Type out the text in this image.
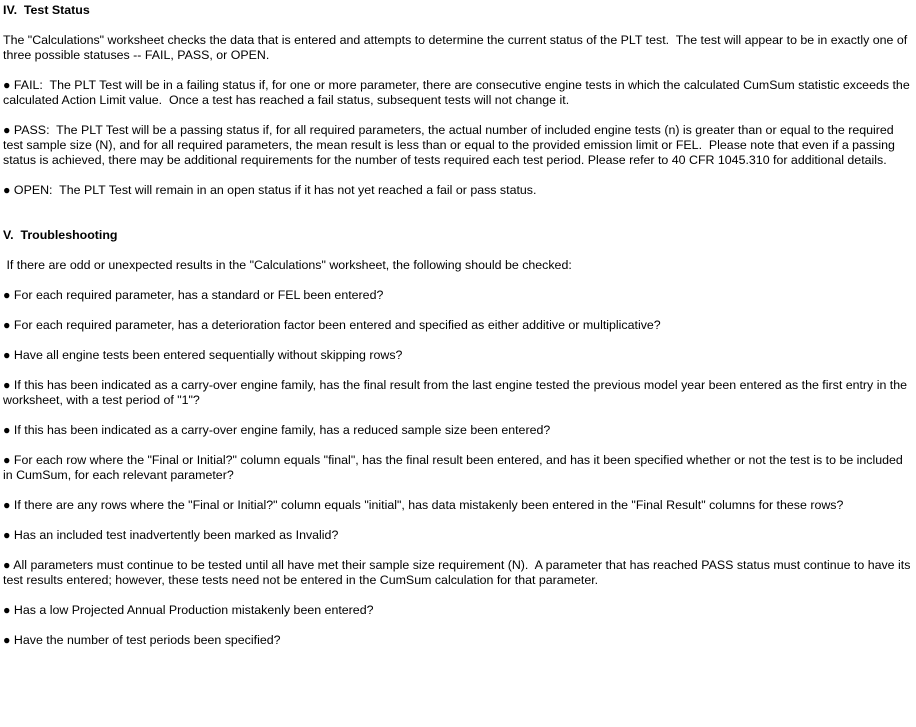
IV.  Test Status
The "Calculations" worksheet checks the data that is entered and attempts to determine the current status of the PLT test.  The test will appear to be in exactly one of three possible statuses -- FAIL, PASS, or OPEN.
● FAIL:  The PLT Test will be in a failing status if, for one or more parameter, there are consecutive engine tests in which the calculated CumSum statistic exceeds the calculated Action Limit value.  Once a test has reached a fail status, subsequent tests will not change it.
● PASS:  The PLT Test will be a passing status if, for all required parameters, the actual number of included engine tests (n) is greater than or equal to the required test sample size (N), and for all required parameters, the mean result is less than or equal to the provided emission limit or FEL.  Please note that even if a passing status is achieved, there may be additional requirements for the number of tests required each test period. Please refer to 40 CFR 1045.310 for additional details.
● OPEN:  The PLT Test will remain in an open status if it has not yet reached a fail or pass status.
V.  Troubleshooting
If there are odd or unexpected results in the "Calculations" worksheet, the following should be checked:
● For each required parameter, has a standard or FEL been entered?
● For each required parameter, has a deterioration factor been entered and specified as either additive or multiplicative?
● Have all engine tests been entered sequentially without skipping rows?
● If this has been indicated as a carry-over engine family, has the final result from the last engine tested the previous model year been entered as the first entry in the worksheet, with a test period of "1"?
● If this has been indicated as a carry-over engine family, has a reduced sample size been entered?
● For each row where the "Final or Initial?" column equals "final", has the final result been entered, and has it been specified whether or not the test is to be included in CumSum, for each relevant parameter?
● If there are any rows where the "Final or Initial?" column equals "initial", has data mistakenly been entered in the "Final Result" columns for these rows?
● Has an included test inadvertently been marked as Invalid?
● All parameters must continue to be tested until all have met their sample size requirement (N).  A parameter that has reached PASS status must continue to have its test results entered; however, these tests need not be entered in the CumSum calculation for that parameter.
● Has a low Projected Annual Production mistakenly been entered?
● Have the number of test periods been specified?
